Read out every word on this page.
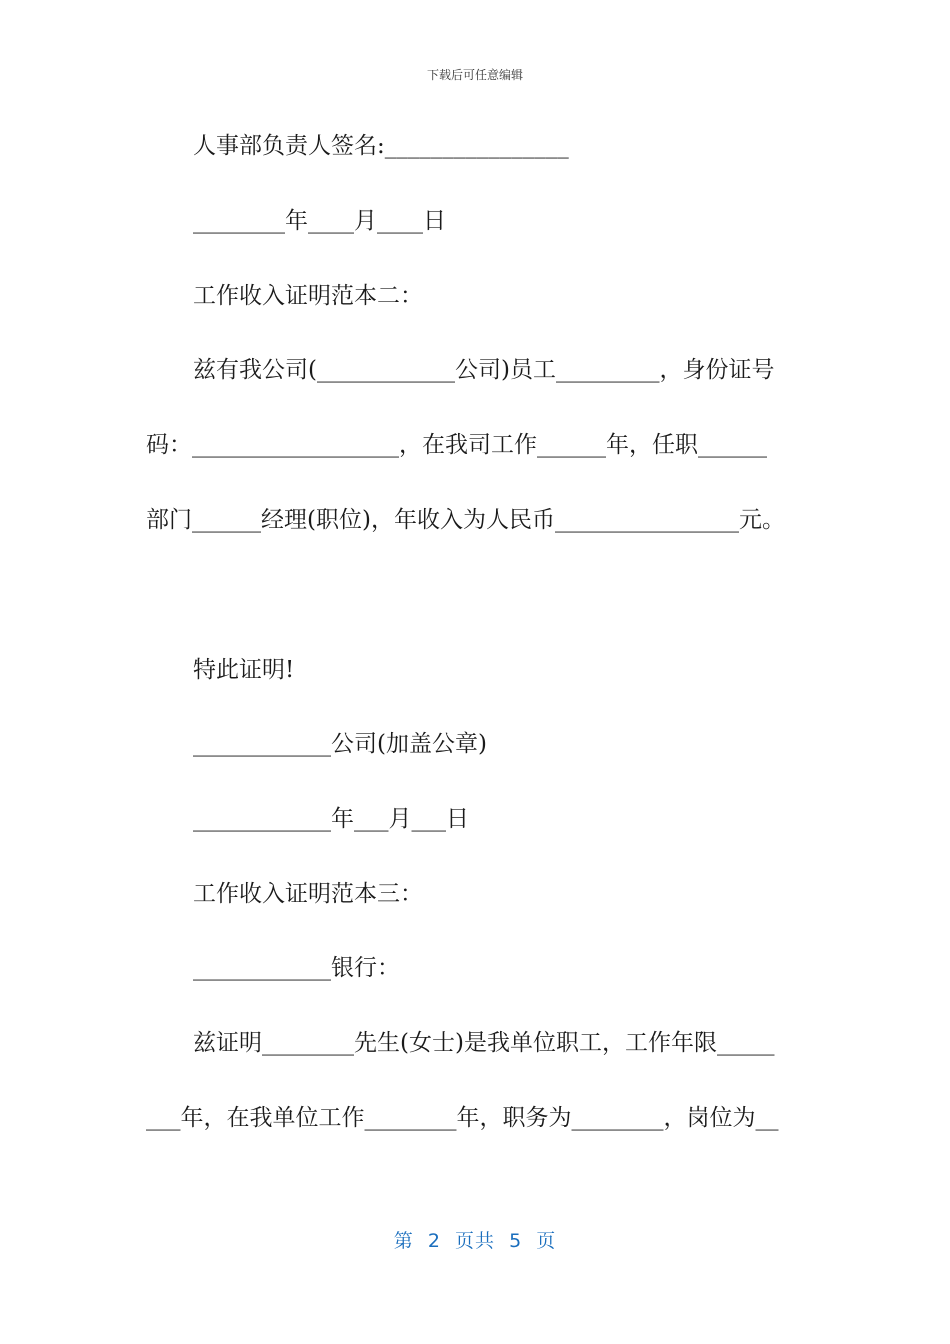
下载后可任意编辑
人事部负责人签名:________________
________年____月____日
工作收入证明范本二：
兹有我公司(____________公司)员工_________，身份证号
码：__________________，在我司工作______年，任职______
部门______经理(职位)，年收入为人民币________________元。
特此证明!
____________公司(加盖公章)
____________年___月___日
工作收入证明范本三：
____________银行：
兹证明________先生(女士)是我单位职工，工作年限_____
___年，在我单位工作________年，职务为________，岗位为__
第  2  页共  5  页
